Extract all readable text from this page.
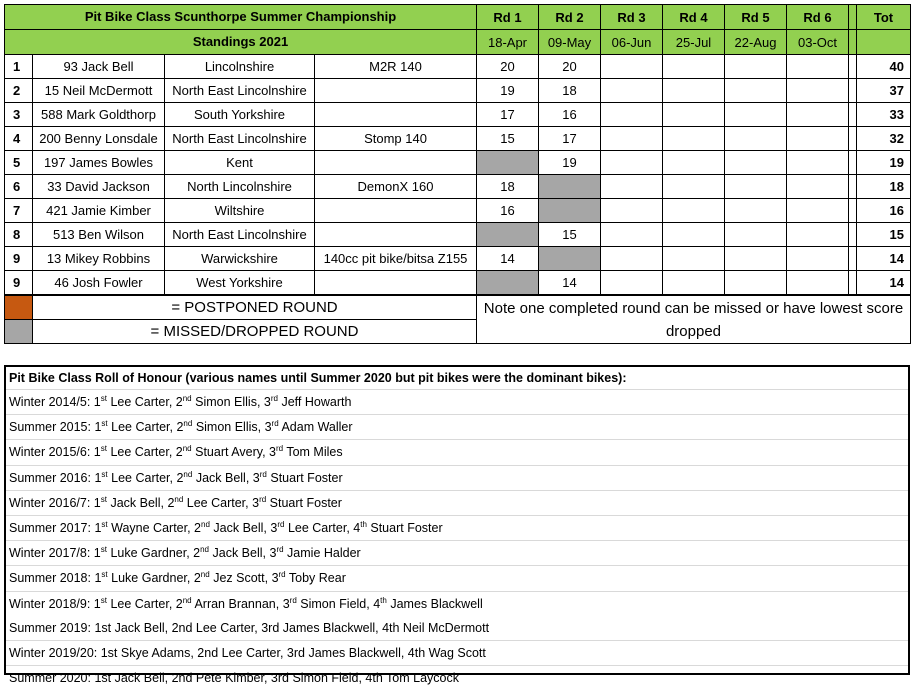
Pit Bike Class Scunthorpe Summer Championship				Rd 1	Rd 2	Rd 3	Rd 4	Rd 5	Rd 6		Tot
Standings 2021				18-Apr	09-May	06-Jun	25-Jul	22-Aug	03-Oct		
1	93 Jack Bell	Lincolnshire	M2R 140	20	20						40
2	15 Neil McDermott	North East Lincolnshire		19	18						37
3	588 Mark Goldthorp	South Yorkshire		17	16						33
4	200 Benny Lonsdale	North East Lincolnshire	Stomp 140	15	17						32
5	197 James Bowles	Kent			19						19
6	33 David Jackson	North Lincolnshire	DemonX 160	18							18
7	421 Jamie Kimber	Wiltshire		16							16
8	513 Ben Wilson	North East Lincolnshire			15						15
9	13 Mikey Robbins	Warwickshire	140cc pit bike/bitsa Z155	14							14
9	46 Josh Fowler	West Yorkshire			14						14
	= POSTPONED ROUND			Note one completed round can be missed or have lowest score dropped							
	= MISSED/DROPPED ROUND										
Pit Bike Class Roll of Honour (various names until Summer 2020 but pit bikes were the dominant bikes):
Winter 2014/5: 1st Lee Carter, 2nd Simon Ellis, 3rd Jeff Howarth
Summer 2015: 1st Lee Carter, 2nd Simon Ellis, 3rd Adam Waller
Winter 2015/6: 1st Lee Carter, 2nd Stuart Avery, 3rd Tom Miles
Summer 2016: 1st Lee Carter, 2nd Jack Bell, 3rd Stuart Foster
Winter 2016/7: 1st Jack Bell, 2nd Lee Carter, 3rd Stuart Foster
Summer 2017: 1st Wayne Carter, 2nd Jack Bell, 3rd Lee Carter, 4th Stuart Foster
Winter 2017/8: 1st Luke Gardner, 2nd Jack Bell, 3rd Jamie Halder
Summer 2018: 1st Luke Gardner, 2nd Jez Scott, 3rd Toby Rear
Winter 2018/9: 1st Lee Carter, 2nd Arran Brannan, 3rd Simon Field, 4th James Blackwell
Summer 2019: 1st Jack Bell, 2nd Lee Carter, 3rd James Blackwell, 4th Neil McDermott
Winter 2019/20: 1st Skye Adams, 2nd Lee Carter, 3rd James Blackwell, 4th Wag Scott
Summer 2020: 1st Jack Bell, 2nd Pete Kimber, 3rd Simon Field, 4th Tom Laycock
